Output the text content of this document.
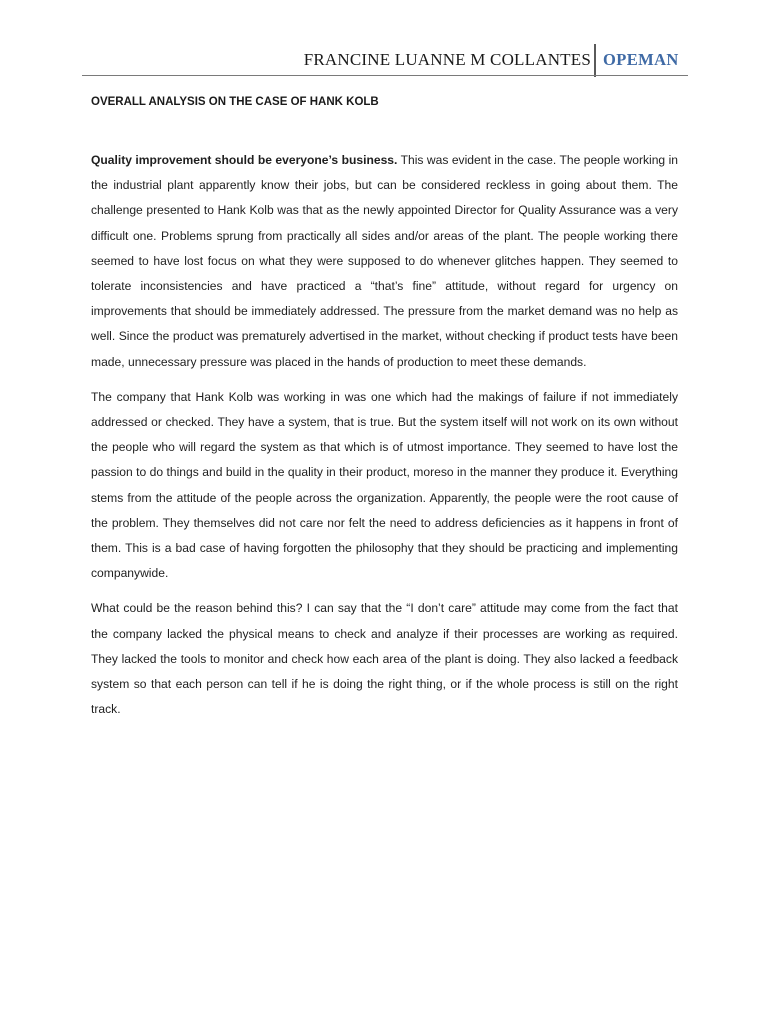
FRANCINE LUANNE M COLLANTES OPEMAN
OVERALL ANALYSIS ON THE CASE OF HANK KOLB

Quality improvement should be everyone’s business. This was evident in the case. The people working in the industrial plant apparently know their jobs, but can be considered reckless in going about them. The challenge presented to Hank Kolb was that as the newly appointed Director for Quality Assurance was a very difficult one. Problems sprung from practically all sides and/or areas of the plant. The people working there seemed to have lost focus on what they were supposed to do whenever glitches happen. They seemed to tolerate inconsistencies and have practiced a “that’s fine” attitude, without regard for urgency on improvements that should be immediately addressed. The pressure from the market demand was no help as well. Since the product was prematurely advertised in the market, without checking if product tests have been made, unnecessary pressure was placed in the hands of production to meet these demands.

The company that Hank Kolb was working in was one which had the makings of failure if not immediately addressed or checked. They have a system, that is true. But the system itself will not work on its own without the people who will regard the system as that which is of utmost importance. They seemed to have lost the passion to do things and build in the quality in their product, moreso in the manner they produce it. Everything stems from the attitude of the people across the organization. Apparently, the people were the root cause of the problem. They themselves did not care nor felt the need to address deficiencies as it happens in front of them. This is a bad case of having forgotten the philosophy that they should be practicing and implementing companywide.

What could be the reason behind this? I can say that the “I don’t care” attitude may come from the fact that the company lacked the physical means to check and analyze if their processes are working as required. They lacked the tools to monitor and check how each area of the plant is doing. They also lacked a feedback system so that each person can tell if he is doing the right thing, or if the whole process is still on the right track.
